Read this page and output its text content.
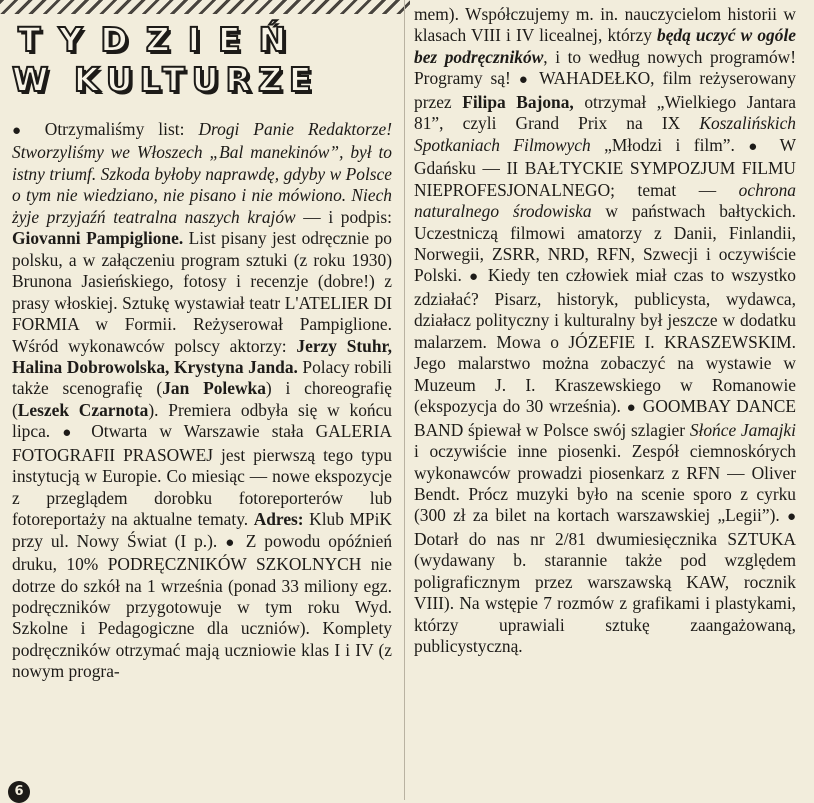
TYDZIEŃ
W KULTURZE

● Otrzymaliśmy list: Drogi Panie Redaktorze! Stworzyliśmy we Włoszech „Bal manekinów”, był to istny triumf. Szkoda byłoby naprawdę, gdyby w Polsce o tym nie wiedziano, nie pisano i nie mówiono. Niech żyje przyjaźń teatralna naszych krajów — i podpis: Giovanni Pampiglione. List pisany jest odręcznie po polsku, a w załączeniu program sztuki (z roku 1930) Brunona Jasieńskiego, fotosy i recenzje (dobre!) z prasy włoskiej. Sztukę wystawiał teatr L'ATELIER DI FORMIA w Formii. Reżyserował Pampiglione. Wśród wykonawców polscy aktorzy: Jerzy Stuhr, Halina Dobrowolska, Krystyna Janda. Polacy robili także scenografię (Jan Polewka) i choreografię (Leszek Czarnota). Premiera odbyła się w końcu lipca. ● Otwarta w Warszawie stała GALERIA FOTOGRAFII PRASOWEJ jest pierwszą tego typu instytucją w Europie. Co miesiąc — nowe ekspozycje z przeglądem dorobku fotoreporterów lub fotoreportaży na aktualne tematy. Adres: Klub MPiK przy ul. Nowy Świat (I p.). ● Z powodu opóźnień druku, 10% PODRĘCZNIKÓW SZKOLNYCH nie dotrze do szkół na 1 września (ponad 33 miliony egz. podręczników przygotowuje w tym roku Wyd. Szkolne i Pedagogiczne dla uczniów). Komplety podręczników otrzymać mają uczniowie klas I i IV (z nowym progra-

mem). Współczujemy m. in. nauczycielom historii w klasach VIII i IV licealnej, którzy będą uczyć w ogóle bez podręczników, i to według nowych programów! Programy są! ● WAHADEŁKO, film reżyserowany przez Filipa Bajona, otrzymał „Wielkiego Jantara 81”, czyli Grand Prix na IX Koszalińskich Spotkaniach Filmowych „Młodzi i film”. ● W Gdańsku — II BAŁTYCKIE SYMPOZJUM FILMU NIEPROFESJONALNEGO; temat — ochrona naturalnego środowiska w państwach bałtyckich. Uczestniczą filmowi amatorzy z Danii, Finlandii, Norwegii, ZSRR, NRD, RFN, Szwecji i oczywiście Polski. ● Kiedy ten człowiek miał czas to wszystko zdziałać? Pisarz, historyk, publicysta, wydawca, działacz polityczny i kulturalny był jeszcze w dodatku malarzem. Mowa o JÓZEFIE I. KRASZEWSKIM. Jego malarstwo można zobaczyć na wystawie w Muzeum J. I. Kraszewskiego w Romanowie (ekspozycja do 30 września). ● GOOMBAY DANCE BAND śpiewał w Polsce swój szlagier Słońce Jamajki i oczywiście inne piosenki. Zespół ciemnoskórych wykonawców prowadzi piosenkarz z RFN — Oliver Bendt. Prócz muzyki było na scenie sporo z cyrku (300 zł za bilet na kortach warszawskiej „Legii”). ● Dotarł do nas nr 2/81 dwumiesięcznika SZTUKA (wydawany b. starannie także pod względem poligraficznym przez warszawską KAW, rocznik VIII). Na wstępie 7 rozmów z grafikami i plastykami, którzy uprawiali sztukę zaangażowaną, publicystyczną.

6
